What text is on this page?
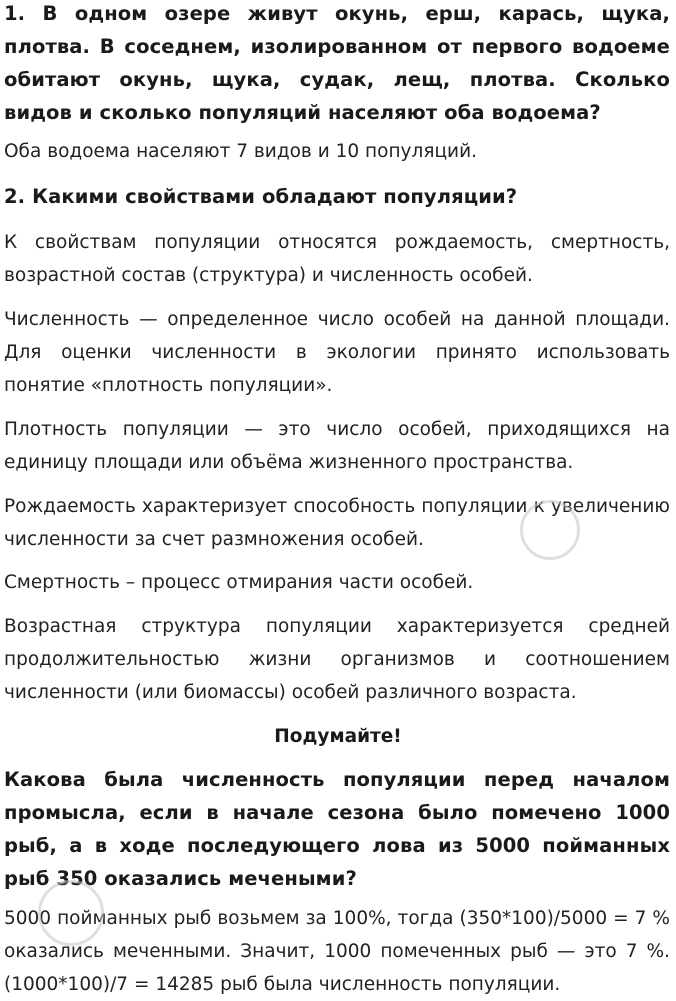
1. В одном озере живут окунь, ерш, карась, щука, плотва. В соседнем, изолированном от первого водоеме обитают окунь, щука, судак, лещ, плотва. Сколько видов и сколько популяций населяют оба водоема?

Оба водоема населяют 7 видов и 10 популяций.

2. Какими свойствами обладают популяции?

К свойствам популяции относятся рождаемость, смертность, возрастной состав (структура) и численность особей.

Численность — определенное число особей на данной площади. Для оценки численности в экологии принято использовать понятие «плотность популяции».

Плотность популяции — это число особей, приходящихся на единицу площади или объёма жизненного пространства.

Рождаемость характеризует способность популяции к увеличению численности за счет размножения особей.

Смертность – процесс отмирания части особей.

Возрастная структура популяции характеризуется средней продолжительностью жизни организмов и соотношением численности (или биомассы) особей различного возраста.

Подумайте!

Какова была численность популяции перед началом промысла, если в начале сезона было помечено 1000 рыб, а в ходе последующего лова из 5000 пойманных рыб 350 оказались мечеными?

5000 пойманных рыб возьмем за 100%, тогда (350*100)/5000 = 7 % оказались меченными. Значит, 1000 помеченных рыб — это 7 %. (1000*100)/7 = 14285 рыб была численность популяции.
